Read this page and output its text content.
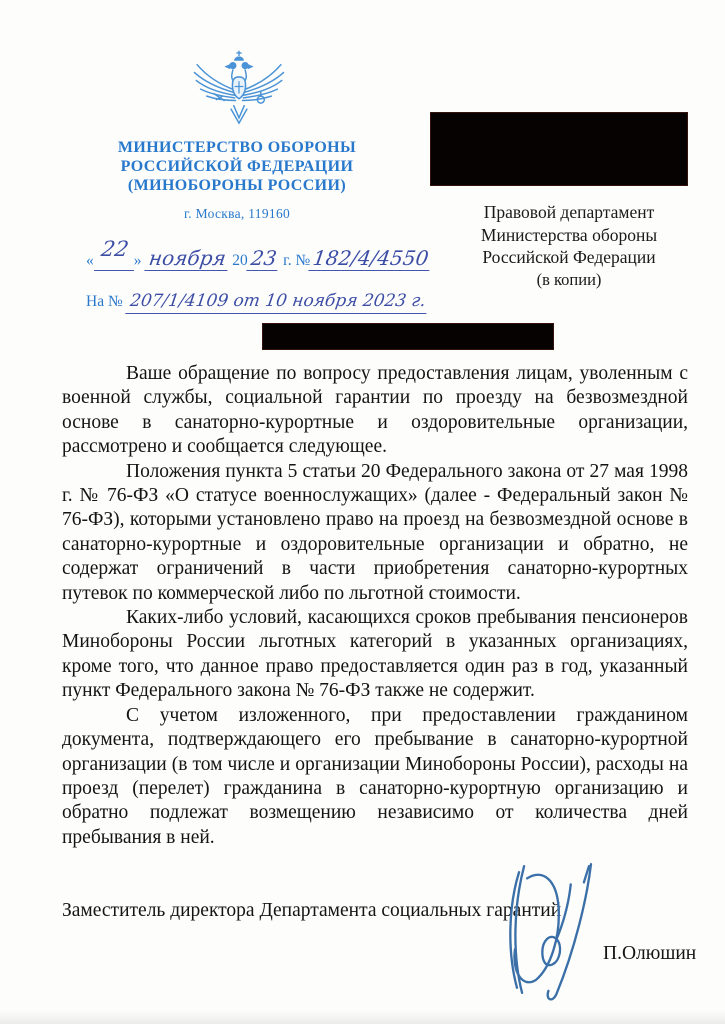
МИНИСТЕРСТВО ОБОРОНЫ
РОССИЙСКОЙ ФЕДЕРАЦИИ
(МИНОБОРОНЫ РОССИИ)
г. Москва, 119160
« 22 » ноября 2023 г. №182/4/4550
На № 207/1/4109 от 10 ноября 2023 г.
Правовой департамент
Министерства обороны
Российской Федерации
(в копии)

Ваше обращение по вопросу предоставления лицам, уволенным с военной службы, социальной гарантии по проезду на безвозмездной основе в санаторно-курортные и оздоровительные организации, рассмотрено и сообщается следующее.

Положения пункта 5 статьи 20 Федерального закона от 27 мая 1998 г. № 76-ФЗ «О статусе военнослужащих» (далее - Федеральный закон № 76-ФЗ), которыми установлено право на проезд на безвозмездной основе в санаторно-курортные и оздоровительные организации и обратно, не содержат ограничений в части приобретения санаторно-курортных путевок по коммерческой либо по льготной стоимости.

Каких-либо условий, касающихся сроков пребывания пенсионеров Минобороны России льготных категорий в указанных организациях, кроме того, что данное право предоставляется один раз в год, указанный пункт Федерального закона № 76-ФЗ также не содержит.

С учетом изложенного, при предоставлении гражданином документа, подтверждающего его пребывание в санаторно-курортной организации (в том числе и организации Минобороны России), расходы на проезд (перелет) гражданина в санаторно-курортную организацию и обратно подлежат возмещению независимо от количества дней пребывания в ней.

Заместитель директора Департамента социальных гарантий
П.Олюшин
